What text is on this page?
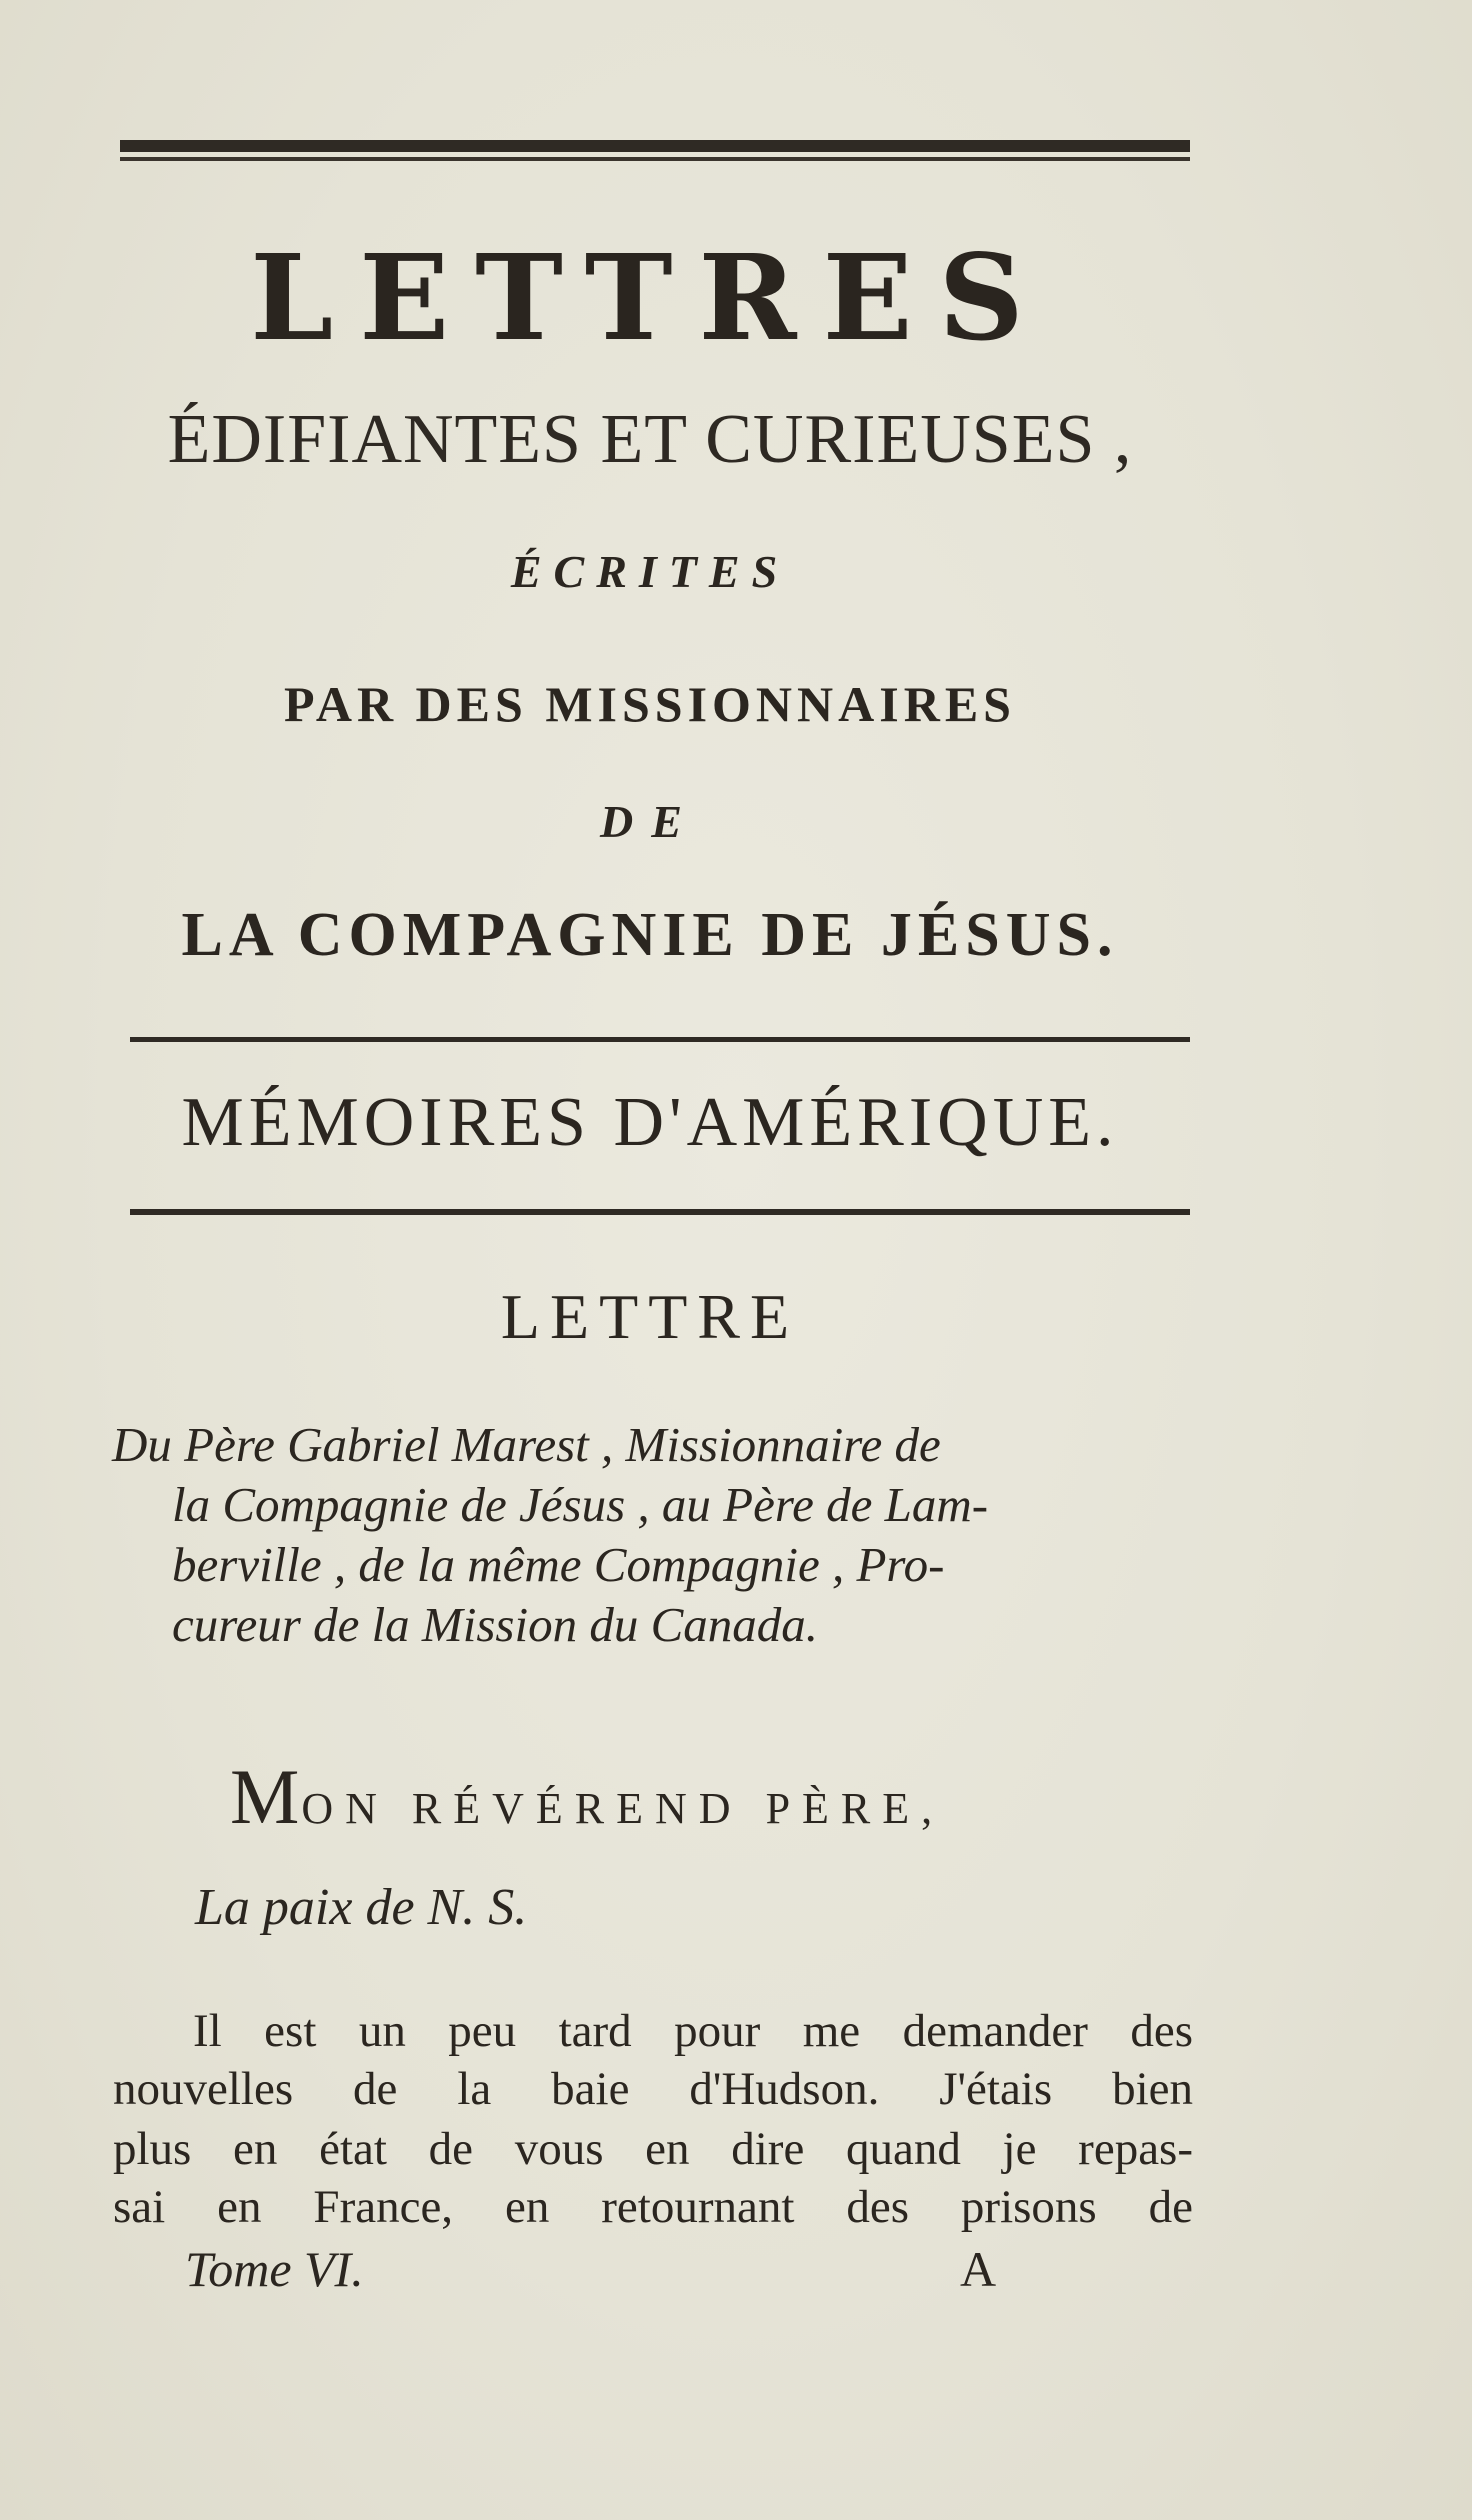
LETTRES
ÉDIFIANTES ET CURIEUSES ,
ÉCRITES
PAR DES MISSIONNAIRES
DE
LA COMPAGNIE DE JÉSUS.
MÉMOIRES D'AMÉRIQUE.
LETTRE
Du Père Gabriel Marest , Missionnaire de
la Compagnie de Jésus , au Père de Lam-
berville , de la même Compagnie , Pro-
cureur de la Mission du Canada.
MON RÉVÉREND PÈRE,
La paix de N. S.
Il est un peu tard pour me demander des
nouvelles de la baie d'Hudson. J'étais bien
plus en état de vous en dire quand je repas-
sai en France, en retournant des prisons de
Tome VI.	A
